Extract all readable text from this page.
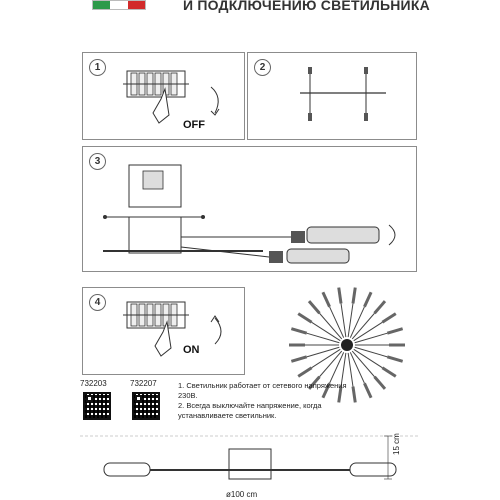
И ПОДКЛЮЧЕНИЮ СВЕТИЛЬНИКА
1
OFF
2
3
4
ON
732203	732207	1. Светильник работает от сетевого напряжения 230В.

2. Всегда выключайте напряжение, когда устанавливаете светильник.

15 cm
ø100 cm
